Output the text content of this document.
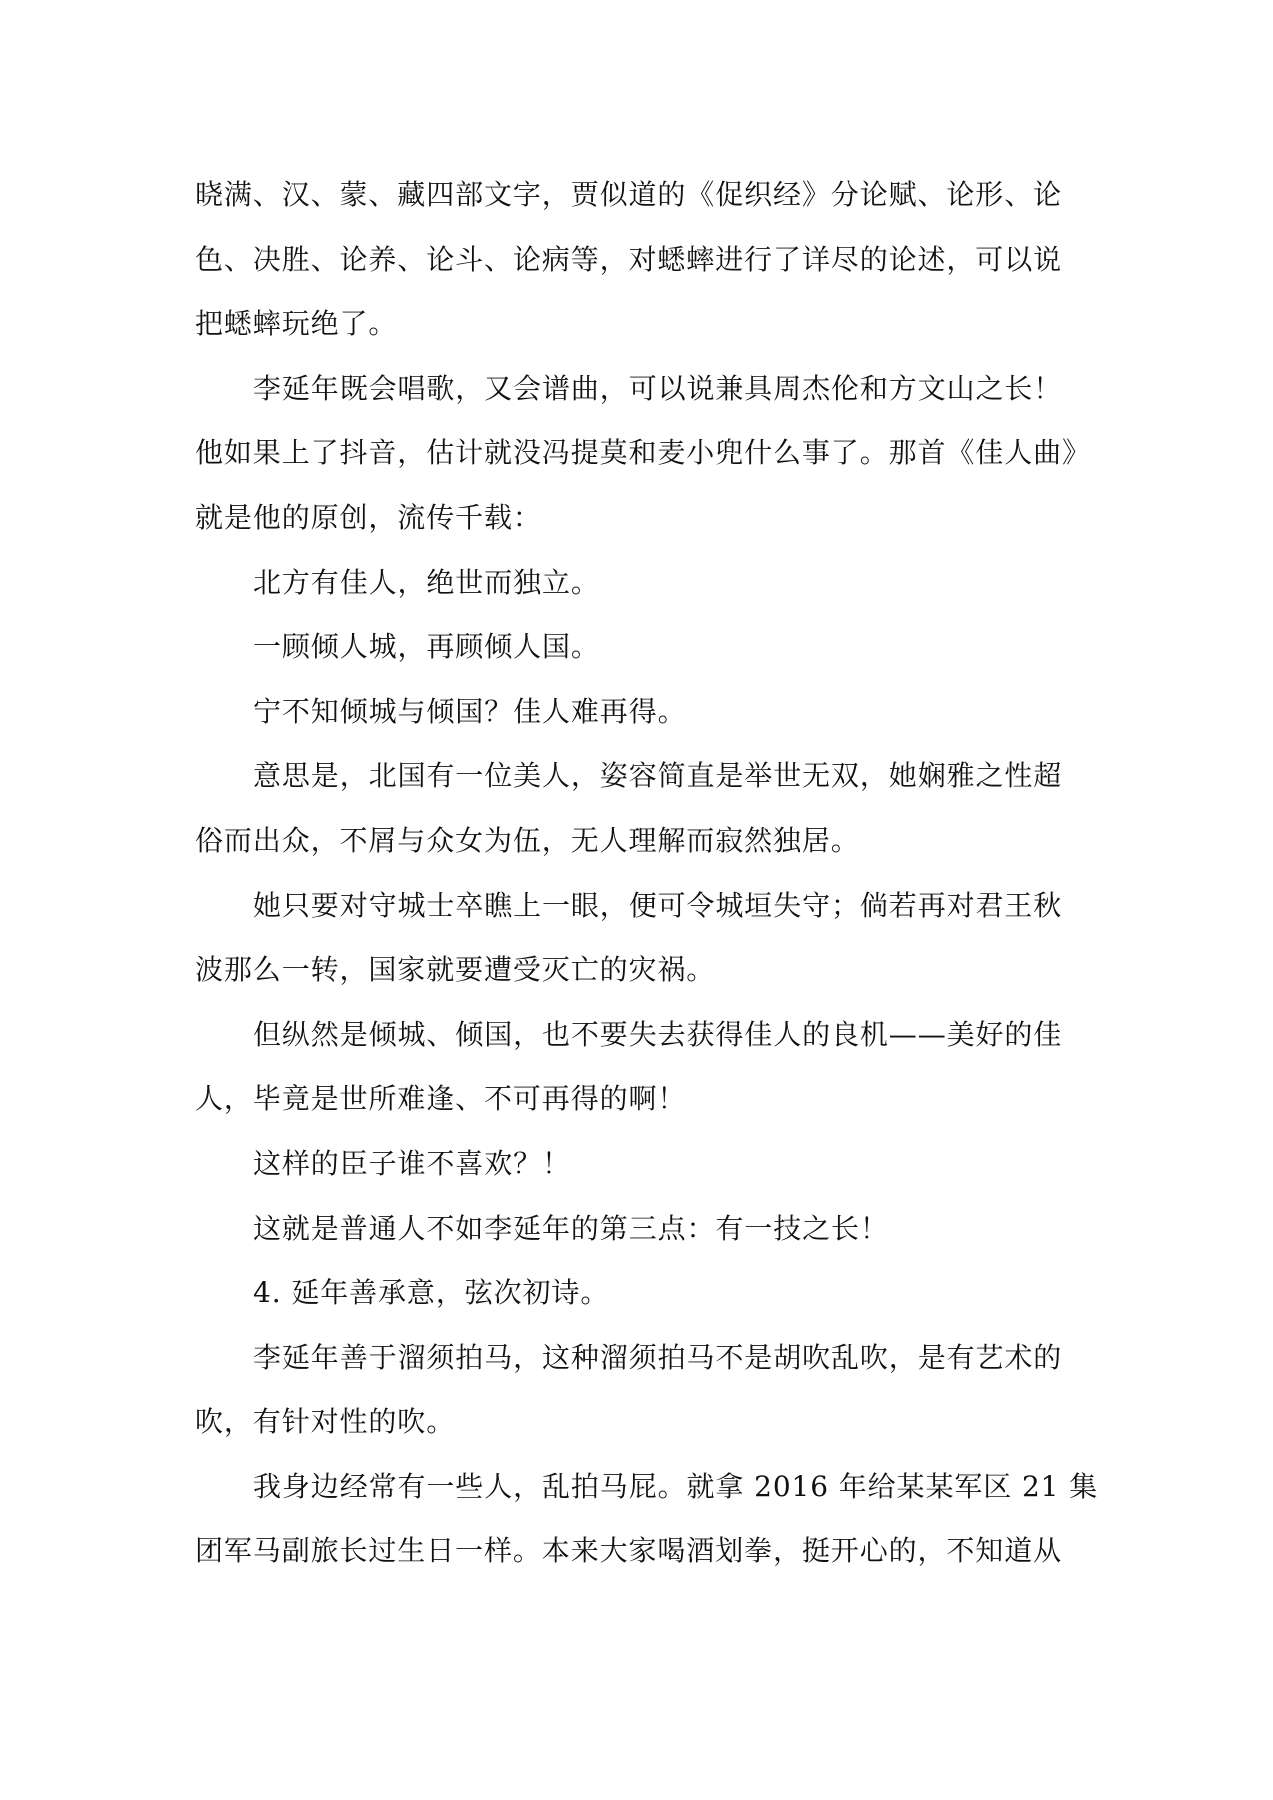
晓满、汉、蒙、藏四部文字，贾似道的《促织经》分论赋、论形、论
色、决胜、论养、论斗、论病等，对蟋蟀进行了详尽的论述，可以说
把蟋蟀玩绝了。
李延年既会唱歌，又会谱曲，可以说兼具周杰伦和方文山之长！
他如果上了抖音，估计就没冯提莫和麦小兜什么事了。那首《佳人曲》
就是他的原创，流传千载：
北方有佳人，绝世而独立。
一顾倾人城，再顾倾人国。
宁不知倾城与倾国？佳人难再得。
意思是，北国有一位美人，姿容简直是举世无双，她娴雅之性超
俗而出众，不屑与众女为伍，无人理解而寂然独居。
她只要对守城士卒瞧上一眼，便可令城垣失守；倘若再对君王秋
波那么一转，国家就要遭受灭亡的灾祸。
但纵然是倾城、倾国，也不要失去获得佳人的良机——美好的佳
人，毕竟是世所难逢、不可再得的啊！
这样的臣子谁不喜欢？！
这就是普通人不如李延年的第三点：有一技之长！
4. 延年善承意，弦次初诗。
李延年善于溜须拍马，这种溜须拍马不是胡吹乱吹，是有艺术的
吹，有针对性的吹。
我身边经常有一些人，乱拍马屁。就拿 2016 年给某某军区 21 集
团军马副旅长过生日一样。本来大家喝酒划拳，挺开心的，不知道从
